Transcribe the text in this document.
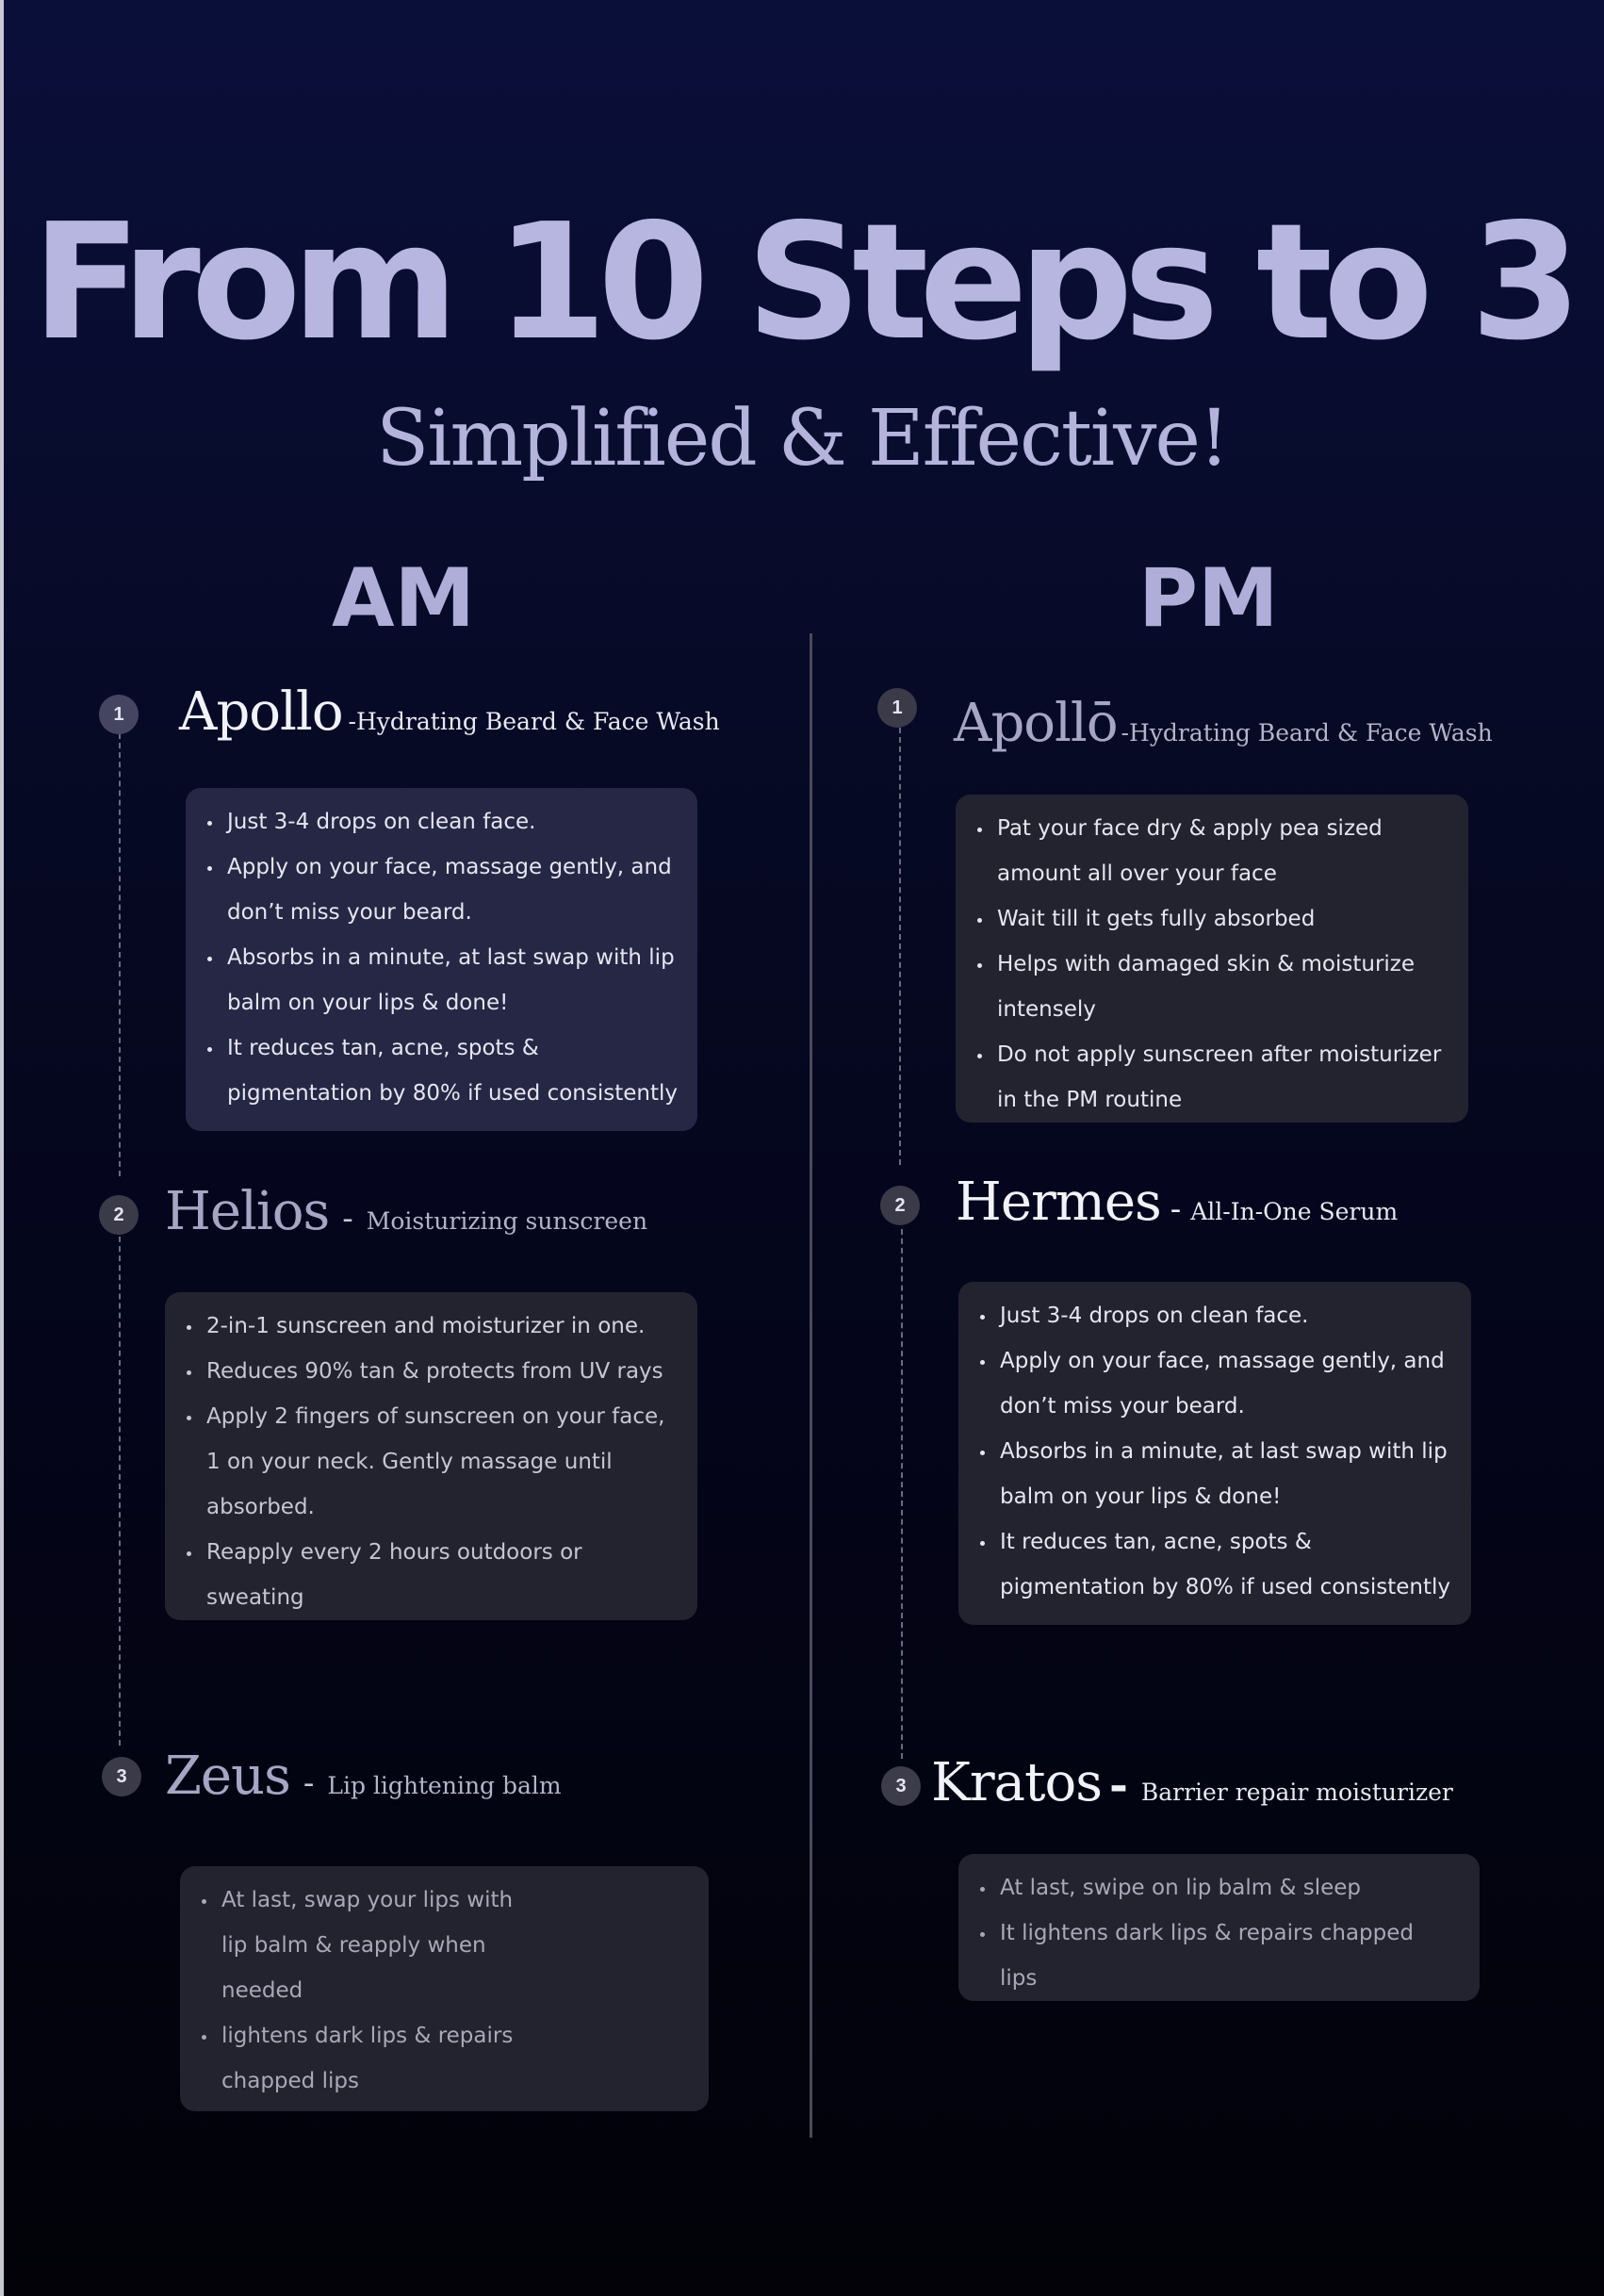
From 10 Steps to 3
Simplified & Effective!
AM	PM
1 Apollo -Hydrating Beard & Face Wash
• Just 3-4 drops on clean face.
• Apply on your face, massage gently, and don’t miss your beard.
• Absorbs in a minute, at last swap with lip balm on your lips & done!
• It reduces tan, acne, spots & pigmentation by 80% if used consistently
2 Helios - Moisturizing sunscreen
• 2-in-1 sunscreen and moisturizer in one.
• Reduces 90% tan & protects from UV rays
• Apply 2 fingers of sunscreen on your face, 1 on your neck. Gently massage until absorbed.
• Reapply every 2 hours outdoors or sweating
3 Zeus - Lip lightening balm
• At last, swap your lips with lip balm & reapply when needed
• lightens dark lips & repairs chapped lips
1 Apollō -Hydrating Beard & Face Wash
• Pat your face dry & apply pea sized amount all over your face
• Wait till it gets fully absorbed
• Helps with damaged skin & moisturize intensely
• Do not apply sunscreen after moisturizer in the PM routine
2 Hermes - All-In-One Serum
• Just 3-4 drops on clean face.
• Apply on your face, massage gently, and don’t miss your beard.
• Absorbs in a minute, at last swap with lip balm on your lips & done!
• It reduces tan, acne, spots & pigmentation by 80% if used consistently
3 Kratos - Barrier repair moisturizer
• At last, swipe on lip balm & sleep
• It lightens dark lips & repairs chapped lips
